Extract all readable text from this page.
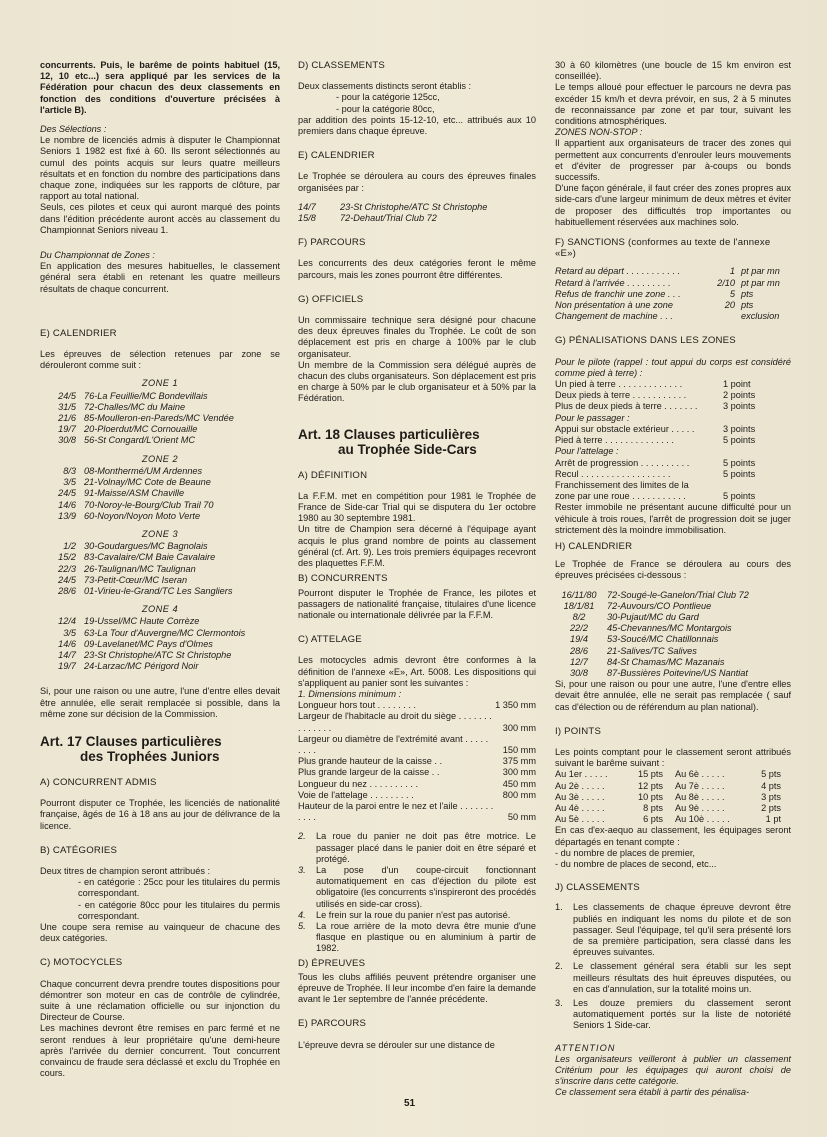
concurrents. Puis, le barême de points habituel (15, 12, 10 etc...) sera appliqué par les services de la Fédération pour chacun des deux classements en fonction des conditions d'ouverture précisées à l'article B).

Des Sélections :

Le nombre de licenciés admis à disputer le Championnat Seniors 1 1982 est fixé à 60. Ils seront sélectionnés au cumul des points acquis sur leurs quatre meilleurs résultats et en fonction du nombre des participations dans chaque zone, indiquées sur les rapports de clôture, par rapport au total national.

Seuls, ces pilotes et ceux qui auront marqué des points dans l'édition précédente auront accès au classement du Championnat Seniors niveau 1.

Du Championnat de Zones :

En application des mesures habituelles, le classement général sera établi en retenant les quatre meilleurs résultats de chaque concurrent.

E) CALENDRIER

Les épreuves de sélection retenues par zone se dérouleront comme suit :

ZONE 1
24/5 76-La Feuillie/MC Bondevillais
31/5 72-Challes/MC du Maine
21/6 85-Moulleron-en-Pareds/MC Vendée
19/7 20-Ploerdut/MC Cornouaille
30/8 56-St Congard/L'Orient MC
ZONE 2
8/3 08-Monthermé/UM Ardennes
3/5 21-Volnay/MC Cote de Beaune
24/5 91-Maisse/ASM Chaville
14/6 70-Noroy-le-Bourg/Club Trail 70
13/9 60-Noyon/Noyon Moto Verte
ZONE 3
1/2 30-Goudargues/MC Bagnolais
15/2 83-Cavalaire/CM Baie Cavalaire
22/3 26-Taulignan/MC Taulignan
24/5 73-Petit-Cœur/MC Iseran
28/6 01-Virieu-le-Grand/TC Les Sangliers
ZONE 4
12/4 19-Ussel/MC Haute Corrèze
3/5 63-La Tour d'Auvergne/MC Clermontois
14/6 09-Lavelanet/MC Pays d'Olmes
14/7 23-St Christophe/ATC St Christophe
19/7 24-Larzac/MC Périgord Noir

Si, pour une raison ou une autre, l'une d'entre elles devait être annulée, elle serait remplacée si possible, dans la même zone sur décision de la Commission.

Art. 17 Clauses particulières
des Trophées Juniors
A) CONCURRENT ADMIS

Pourront disputer ce Trophée, les licenciés de nationalité française, âgés de 16 à 18 ans au jour de délivrance de la licence.

B) CATÉGORIES

Deux titres de champion seront attribués :

- en catégorie : 25cc pour les titulaires du permis correspondant.

- en catégorie 80cc pour les titulaires du permis correspondant.

Une coupe sera remise au vainqueur de chacune des deux catégories.

C) MOTOCYCLES

Chaque concurrent devra prendre toutes dispositions pour démontrer son moteur en cas de contrôle de cylindrée, suite à une réclamation officielle ou sur injonction du Directeur de Course.

Les machines devront être remises en parc fermé et ne seront rendues à leur propriétaire qu'une demi-heure après l'arrivée du dernier concurrent. Tout concurrent convaincu de fraude sera déclassé et exclu du Trophée en cours.

D) CLASSEMENTS

Deux classements distincts seront établis :

- pour la catégorie 125cc,

- pour la catégorie 80cc,

par addition des points 15-12-10, etc... attribués aux 10 premiers dans chaque épreuve.

E) CALENDRIER

Le Trophée se déroulera au cours des épreuves finales organisées par :

14/7	23-St Christophe/ATC St Christophe
15/8	72-Dehaut/Trial Club 72
F) PARCOURS

Les concurrents des deux catégories feront le même parcours, mais les zones pourront être différentes.

G) OFFICIELS

Un commissaire technique sera désigné pour chacune des deux épreuves finales du Trophée. Le coût de son déplacement est pris en charge à 100% par le club organisateur.

Un membre de la Commission sera délégué auprès de chacun des clubs organisateurs. Son déplacement est pris en charge à 50% par le club organisateur et à 50% par la Fédération.

Art. 18 Clauses particulières
au Trophée Side-Cars
A) DÉFINITION

La F.F.M. met en compétition pour 1981 le Trophée de France de Side-car Trial qui se disputera du 1er octobre 1980 au 30 septembre 1981.

Un titre de Champion sera décerné à l'équipage ayant acquis le plus grand nombre de points au classement général (cf. Art. 9). Les trois premiers équipages recevront des plaquettes F.F.M.

B) CONCURRENTS

Pourront disputer le Trophée de France, les pilotes et passagers de nationalité française, titulaires d'une licence nationale ou internationale délivrée par la F.F.M.

C) ATTELAGE

Les motocycles admis devront être conformes à la définition de l'annexe «E», Art. 5008. Les dispositions qui s'appliquent au panier sont les suivantes :

1. Dimensions minimum :

Longueur hors tout . . . . . . . .	1 350 mm
Largeur de l'habitacle au droit du siège . . . . . . . . . . . . . .	300 mm
Largeur ou diamètre de l'extrémité avant . . . . . . . . .	150 mm
Plus grande hauteur de la caisse . .	375 mm
Plus grande largeur de la caisse . .	300 mm
Longueur du nez . . . . . . . . . .	450 mm
Voie de l'attelage . . . . . . . . .	800 mm
Hauteur de la paroi entre le nez et l'aile . . . . . . . . . . .	50 mm
2.	La roue du panier ne doit pas être motrice. Le passager placé dans le panier doit en être séparé et protégé.
3.	La pose d'un coupe-circuit fonctionnant automatiquement en cas d'éjection du pilote est obligatoire (les concurrents s'inspireront des procédés utilisés en side-car cross).
4.	Le frein sur la roue du panier n'est pas autorisé.
5.	La roue arrière de la moto devra être munie d'une flasque en plastique ou en aluminium à partir de 1982.
D) ÉPREUVES

Tous les clubs affiliés peuvent prétendre organiser une épreuve de Trophée. Il leur incombe d'en faire la demande avant le 1er septembre de l'année précédente.

E) PARCOURS

L'épreuve devra se dérouler sur une distance de

30 à 60 kilomètres (une boucle de 15 km environ est conseillée).

Le temps alloué pour effectuer le parcours ne devra pas excéder 15 km/h et devra prévoir, en sus, 2 à 5 minutes de reconnaissance par zone et par tour, suivant les conditions atmosphériques.

ZONES NON-STOP :

Il appartient aux organisateurs de tracer des zones qui permettent aux concurrents d'enrouler leurs mouvements et d'éviter de progresser par à-coups ou bonds successifs.

D'une façon générale, il faut créer des zones propres aux side-cars d'une largeur minimum de deux mètres et éviter de proposer des difficultés trop importantes ou habituellement réservées aux machines solo.

F) SANCTIONS (conformes au texte de l'annexe «E»)
Retard au départ . . . . . . . . . . .	1 pt par mn
Retard à l'arrivée . . . . . . . . .	2/10 pt par mn
Refus de franchir une zone . . .	5 pts
Non présentation à une zone	20 pts
Changement de machine . . .	exclusion
G) PÉNALISATIONS DANS LES ZONES

Pour le pilote (rappel : tout appui du corps est considéré comme pied à terre) :

Un pied à terre . . . . . . . . . . . . .	1 point
Deux pieds à terre . . . . . . . . . . .	2 points
Plus de deux pieds à terre . . . . . . .	3 points

Pour le passager :

Appui sur obstacle extérieur . . . . .	3 points
Pied à terre . . . . . . . . . . . . . .	5 points

Pour l'attelage :

Arrêt de progression . . . . . . . . . .	5 points
Recul . . . . . . . . . . . . . . . . . .	5 points

Franchissement des limites de la

zone par une roue . . . . . . . . . . .	5 points

Rester immobile ne présentant aucune difficulté pour un véhicule à trois roues, l'arrêt de progression doit se juger strictement dès la moindre immobilisation.

H) CALENDRIER

Le Trophée de France se déroulera au cours des épreuves précisées ci-dessous :

16/11/80	72-Sougé-le-Ganelon/Trial Club 72
18/1/81	72-Auvours/CO Pontlieue
8/2	30-Pujaut/MC du Gard
22/2	45-Chevannes/MC Montargois
19/4	53-Soucé/MC Chatillonnais
28/6	21-Salives/TC Salives
12/7	84-St Chamas/MC Mazanais
30/8	87-Bussières Poitevine/US Nantiat

Si, pour une raison ou pour une autre, l'une d'entre elles devait être annulée, elle ne serait pas remplacée ( sauf cas d'élection ou de référendum au plan national).

I) POINTS

Les points comptant pour le classement seront attribués suivant le barême suivant :

Au 1er . . . . .	15 pts	Au 6è . . . . .	5 pts
Au 2è . . . . .	12 pts	Au 7è . . . . .	4 pts
Au 3è . . . . .	10 pts	Au 8è . . . . .	3 pts
Au 4è . . . . .	8 pts	Au 9è . . . . .	2 pts
Au 5è . . . . .	6 pts	Au 10è . . . . .	1 pt

En cas d'ex-aequo au classement, les équipages seront départagés en tenant compte :

- du nombre de places de premier,

- du nombre de places de second, etc...

J) CLASSEMENTS
1.	Les classements de chaque épreuve devront être publiés en indiquant les noms du pilote et de son passager. Seul l'équipage, tel qu'il sera présenté lors de sa première participation, sera classé dans les épreuves suivantes.
2.	Le classement général sera établi sur les sept meilleurs résultats des huit épreuves disputées, ou en cas d'annulation, sur la totalité moins un.
3.	Les douze premiers du classement seront automatiquement portés sur la liste de notoriété Seniors 1 Side-car.

ATTENTION

Les organisateurs veilleront à publier un classement Critérium pour les équipages qui auront choisi de s'inscrire dans cette catégorie.

Ce classement sera établi à partir des pénalisa-

51
